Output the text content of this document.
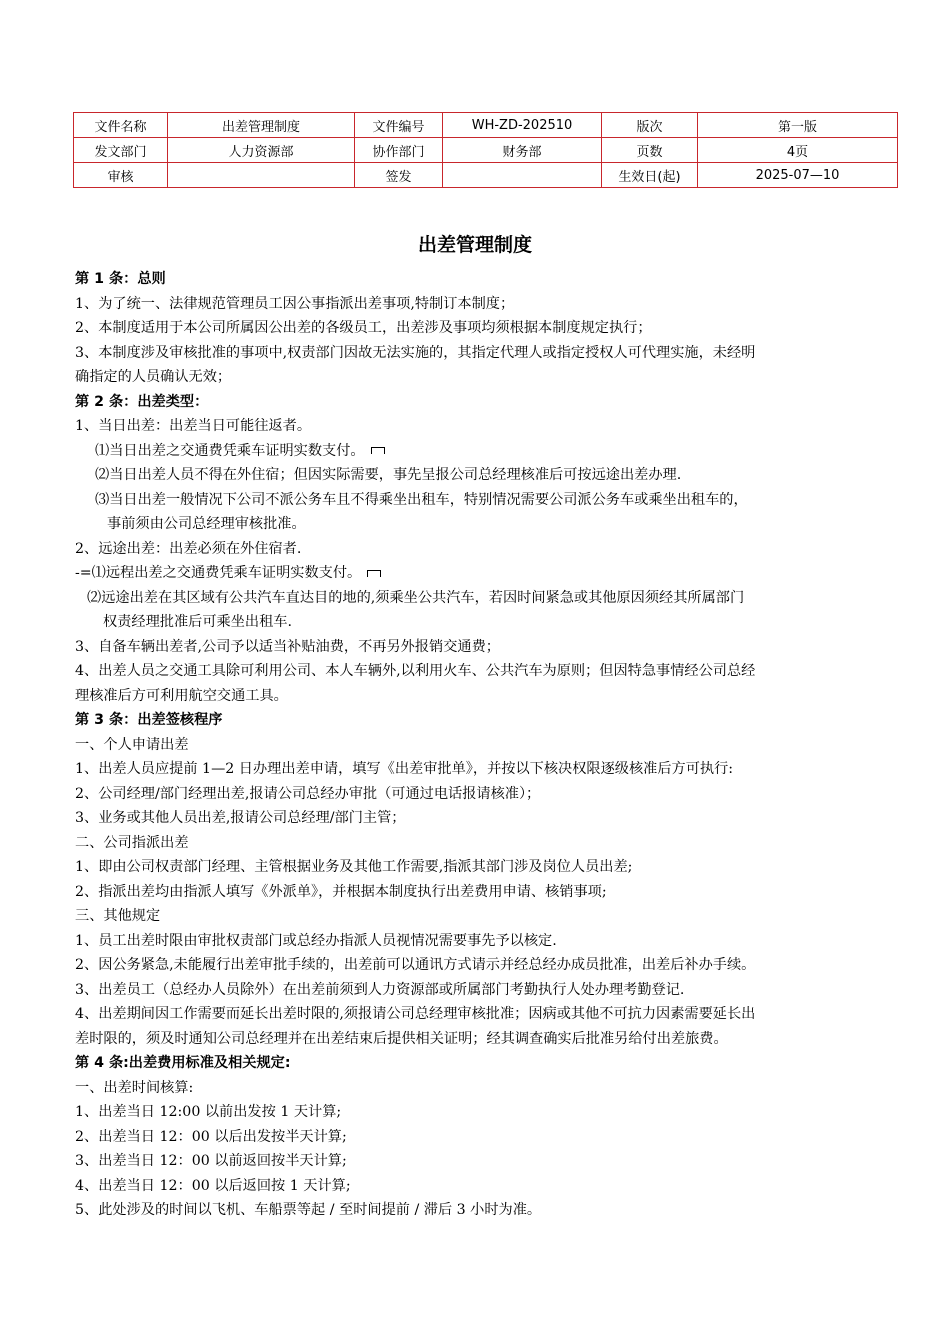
文件名称	出差管理制度	文件编号	WH-ZD-202510	版次	第一版
发文部门	人力资源部	协作部门	财务部	页数	4页
审核		签发		生效日(起)	2025-07—10
出差管理制度

第 1 条：总则

1、为了统一、法律规范管理员工因公事指派出差事项,特制订本制度；

2、本制度适用于本公司所属因公出差的各级员工，出差涉及事项均须根据本制度规定执行；

3、本制度涉及审核批准的事项中,权责部门因故无法实施的，其指定代理人或指定授权人可代理实施，未经明

确指定的人员确认无效；

第 2 条：出差类型：

1、当日出差：出差当日可能往返者。

⑴当日出差之交通费凭乘车证明实数支付。

⑵当日出差人员不得在外住宿；但因实际需要，事先呈报公司总经理核准后可按远途出差办理.

⑶当日出差一般情况下公司不派公务车且不得乘坐出租车，特别情况需要公司派公务车或乘坐出租车的，

事前须由公司总经理审核批准。

2、远途出差：出差必须在外住宿者.

-=⑴远程出差之交通费凭乘车证明实数支付。

⑵远途出差在其区域有公共汽车直达目的地的,须乘坐公共汽车，若因时间紧急或其他原因须经其所属部门

权责经理批准后可乘坐出租车.

3、自备车辆出差者,公司予以适当补贴油费，不再另外报销交通费；

4、出差人员之交通工具除可利用公司、本人车辆外,以利用火车、公共汽车为原则；但因特急事情经公司总经

理核准后方可利用航空交通工具。

第 3 条：出差签核程序

一、个人申请出差

1、出差人员应提前 1—2 日办理出差申请，填写《出差审批单》，并按以下核决权限逐级核准后方可执行:

2、公司经理/部门经理出差,报请公司总经办审批（可通过电话报请核准）；

3、业务或其他人员出差,报请公司总经理/部门主管；

二、公司指派出差

1、即由公司权责部门经理、主管根据业务及其他工作需要,指派其部门涉及岗位人员出差;

2、指派出差均由指派人填写《外派单》，并根据本制度执行出差费用申请、核销事项;

三、其他规定

1、员工出差时限由审批权责部门或总经办指派人员视情况需要事先予以核定.

2、因公务紧急,未能履行出差审批手续的，出差前可以通讯方式请示并经总经办成员批准，出差后补办手续。

3、出差员工（总经办人员除外）在出差前须到人力资源部或所属部门考勤执行人处办理考勤登记.

4、出差期间因工作需要而延长出差时限的,须报请公司总经理审核批准；因病或其他不可抗力因素需要延长出

差时限的，须及时通知公司总经理并在出差结束后提供相关证明；经其调查确实后批准另给付出差旅费。

第 4 条:出差费用标准及相关规定:

一、出差时间核算:

1、出差当日 12:00 以前出发按 1 天计算;

2、出差当日 12：00 以后出发按半天计算;

3、出差当日 12：00 以前返回按半天计算;

4、出差当日 12：00 以后返回按 1 天计算;

5、此处涉及的时间以飞机、车船票等起 / 至时间提前 / 滞后 3 小时为准。
